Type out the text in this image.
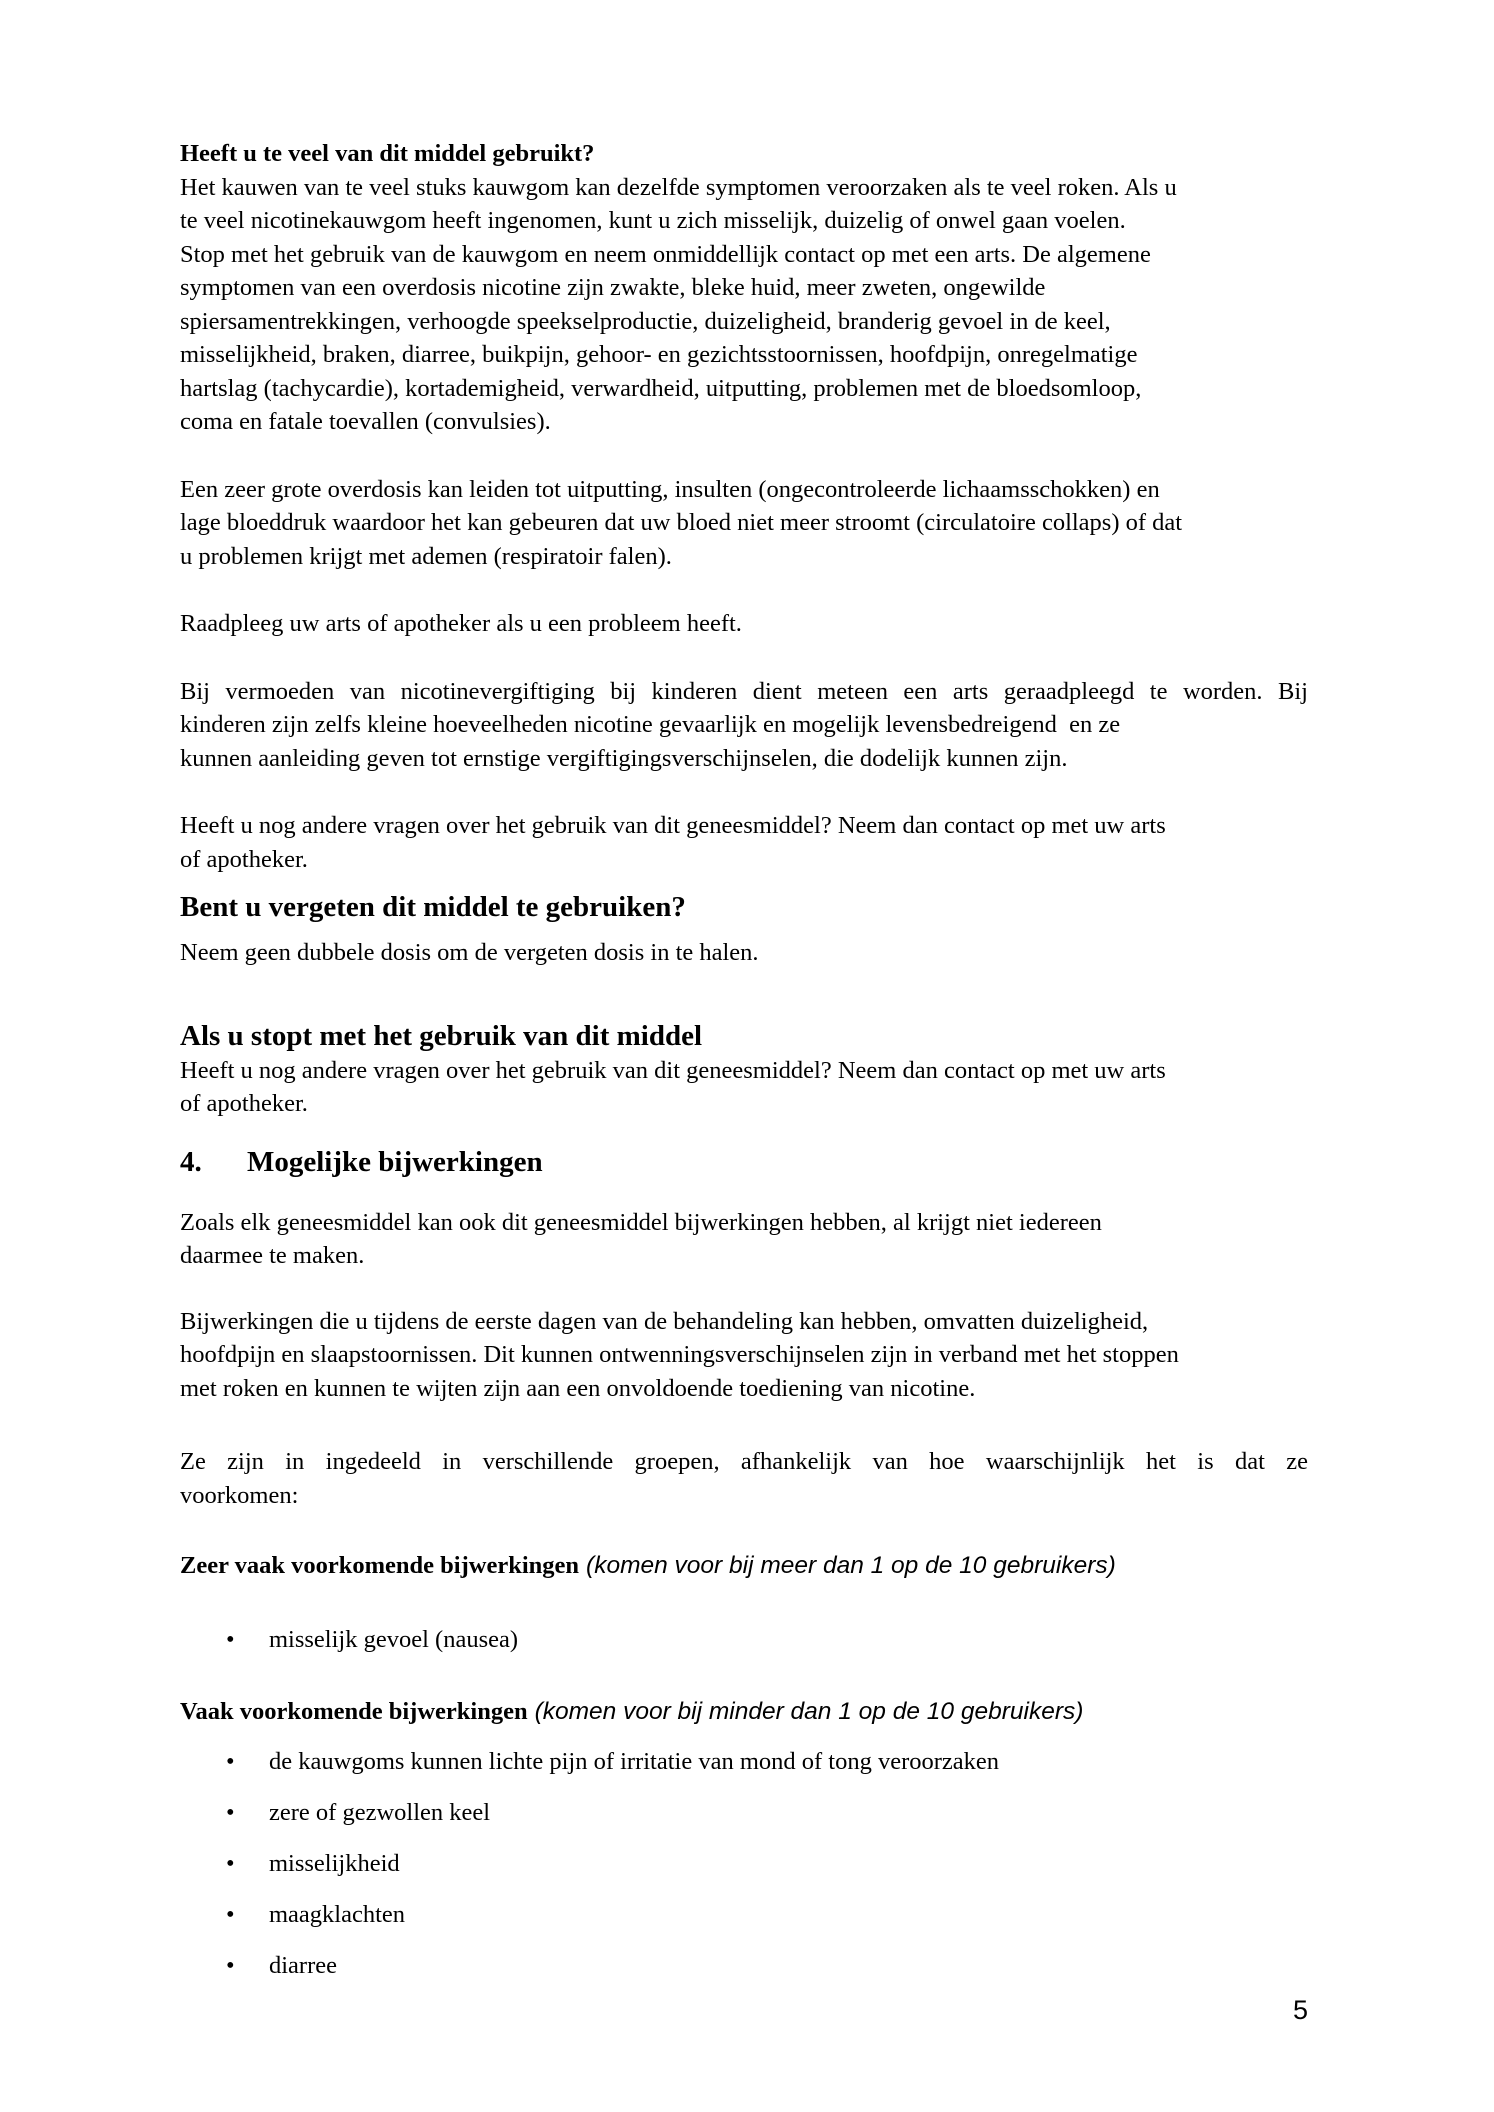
Heeft u te veel van dit middel gebruikt?
Het kauwen van te veel stuks kauwgom kan dezelfde symptomen veroorzaken als te veel roken. Als u
te veel nicotinekauwgom heeft ingenomen, kunt u zich misselijk, duizelig of onwel gaan voelen.
Stop met het gebruik van de kauwgom en neem onmiddellijk contact op met een arts. De algemene
symptomen van een overdosis nicotine zijn zwakte, bleke huid, meer zweten, ongewilde
spiersamentrekkingen, verhoogde speekselproductie, duizeligheid, branderig gevoel in de keel,
misselijkheid, braken, diarree, buikpijn, gehoor- en gezichtsstoornissen, hoofdpijn, onregelmatige
hartslag (tachycardie), kortademigheid, verwardheid, uitputting, problemen met de bloedsomloop,
coma en fatale toevallen (convulsies).
Een zeer grote overdosis kan leiden tot uitputting, insulten (ongecontroleerde lichaamsschokken) en
lage bloeddruk waardoor het kan gebeuren dat uw bloed niet meer stroomt (circulatoire collaps) of dat
u problemen krijgt met ademen (respiratoir falen).
Raadpleeg uw arts of apotheker als u een probleem heeft.
Bij vermoeden van nicotinevergiftiging bij kinderen dient meteen een arts geraadpleegd te worden. Bij
kinderen zijn zelfs kleine hoeveelheden nicotine gevaarlijk en mogelijk levensbedreigend  en ze
kunnen aanleiding geven tot ernstige vergiftigingsverschijnselen, die dodelijk kunnen zijn.
Heeft u nog andere vragen over het gebruik van dit geneesmiddel? Neem dan contact op met uw arts
of apotheker.
Bent u vergeten dit middel te gebruiken?
Neem geen dubbele dosis om de vergeten dosis in te halen.
Als u stopt met het gebruik van dit middel
Heeft u nog andere vragen over het gebruik van dit geneesmiddel? Neem dan contact op met uw arts
of apotheker.
4. Mogelijke bijwerkingen
Zoals elk geneesmiddel kan ook dit geneesmiddel bijwerkingen hebben, al krijgt niet iedereen
daarmee te maken.
Bijwerkingen die u tijdens de eerste dagen van de behandeling kan hebben, omvatten duizeligheid,
hoofdpijn en slaapstoornissen. Dit kunnen ontwenningsverschijnselen zijn in verband met het stoppen
met roken en kunnen te wijten zijn aan een onvoldoende toediening van nicotine.
Ze zijn in ingedeeld in verschillende groepen, afhankelijk van hoe waarschijnlijk het is dat ze
voorkomen:
Zeer vaak voorkomende bijwerkingen (komen voor bij meer dan 1 op de 10 gebruikers)
• misselijk gevoel (nausea)
Vaak voorkomende bijwerkingen (komen voor bij minder dan 1 op de 10 gebruikers)
• de kauwgoms kunnen lichte pijn of irritatie van mond of tong veroorzaken
• zere of gezwollen keel
• misselijkheid
• maagklachten
• diarree
5
